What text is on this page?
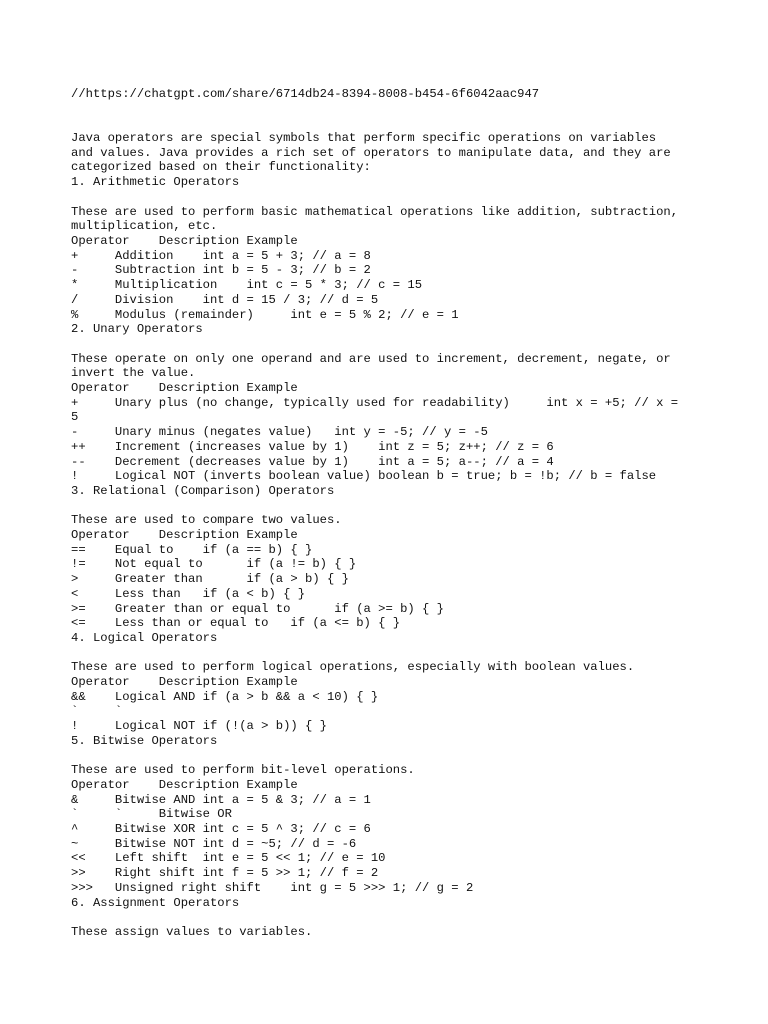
//https://chatgpt.com/share/6714db24-8394-8008-b454-6f6042aac947
Java operators are special symbols that perform specific operations on variables
and values. Java provides a rich set of operators to manipulate data, and they are
categorized based on their functionality:
1. Arithmetic Operators
These are used to perform basic mathematical operations like addition, subtraction,
multiplication, etc.
Operator    Description Example
+     Addition    int a = 5 + 3; // a = 8
-     Subtraction int b = 5 - 3; // b = 2
*     Multiplication    int c = 5 * 3; // c = 15
/     Division    int d = 15 / 3; // d = 5
%     Modulus (remainder)     int e = 5 % 2; // e = 1
2. Unary Operators
These operate on only one operand and are used to increment, decrement, negate, or
invert the value.
Operator    Description Example
+     Unary plus (no change, typically used for readability)     int x = +5; // x =
5
-     Unary minus (negates value)   int y = -5; // y = -5
++    Increment (increases value by 1)    int z = 5; z++; // z = 6
--    Decrement (decreases value by 1)    int a = 5; a--; // a = 4
!     Logical NOT (inverts boolean value) boolean b = true; b = !b; // b = false
3. Relational (Comparison) Operators
These are used to compare two values.
Operator    Description Example
==    Equal to    if (a == b) { }
!=    Not equal to      if (a != b) { }
>     Greater than      if (a > b) { }
<     Less than   if (a < b) { }
>=    Greater than or equal to      if (a >= b) { }
<=    Less than or equal to   if (a <= b) { }
4. Logical Operators
These are used to perform logical operations, especially with boolean values.
Operator    Description Example
&&    Logical AND if (a > b && a < 10) { }
`     `
!     Logical NOT if (!(a > b)) { }
5. Bitwise Operators
These are used to perform bit-level operations.
Operator    Description Example
&     Bitwise AND int a = 5 & 3; // a = 1
`     `     Bitwise OR
^     Bitwise XOR int c = 5 ^ 3; // c = 6
~     Bitwise NOT int d = ~5; // d = -6
<<    Left shift  int e = 5 << 1; // e = 10
>>    Right shift int f = 5 >> 1; // f = 2
>>>   Unsigned right shift    int g = 5 >>> 1; // g = 2
6. Assignment Operators
These assign values to variables.
